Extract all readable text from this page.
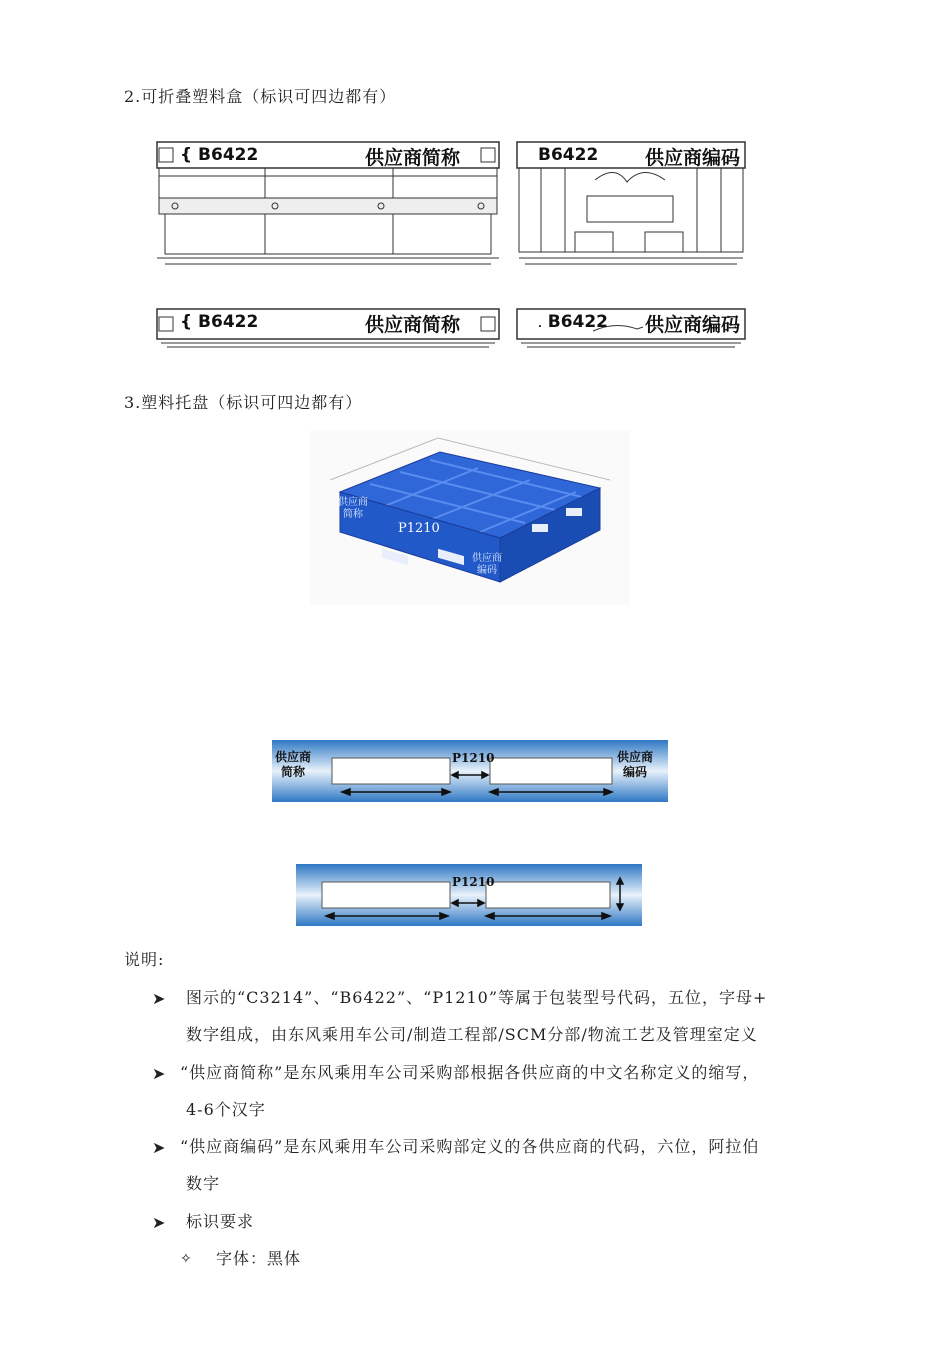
2.可折叠塑料盒（标识可四边都有）
{ B6422	供应商简称	B6422 供应商编码
{ B6422	供应商简称	. B6422 供应商编码
3.塑料托盘（标识可四边都有）
供应商
简称
P1210
供应商
编码
供应商
简称
P1210	供应商
编码
P1210
说明:
➤ 图示的“C3214”、“B6422”、“P1210”等属于包装型号代码，五位，字母+
数字组成，由东风乘用车公司/制造工程部/SCM分部/物流工艺及管理室定义
➤ “供应商简称”是东风乘用车公司采购部根据各供应商的中文名称定义的缩写，
4-6个汉字
➤ “供应商编码”是东风乘用车公司采购部定义的各供应商的代码，六位，阿拉伯
数字
➤ 标识要求
✧ 字体：黑体
